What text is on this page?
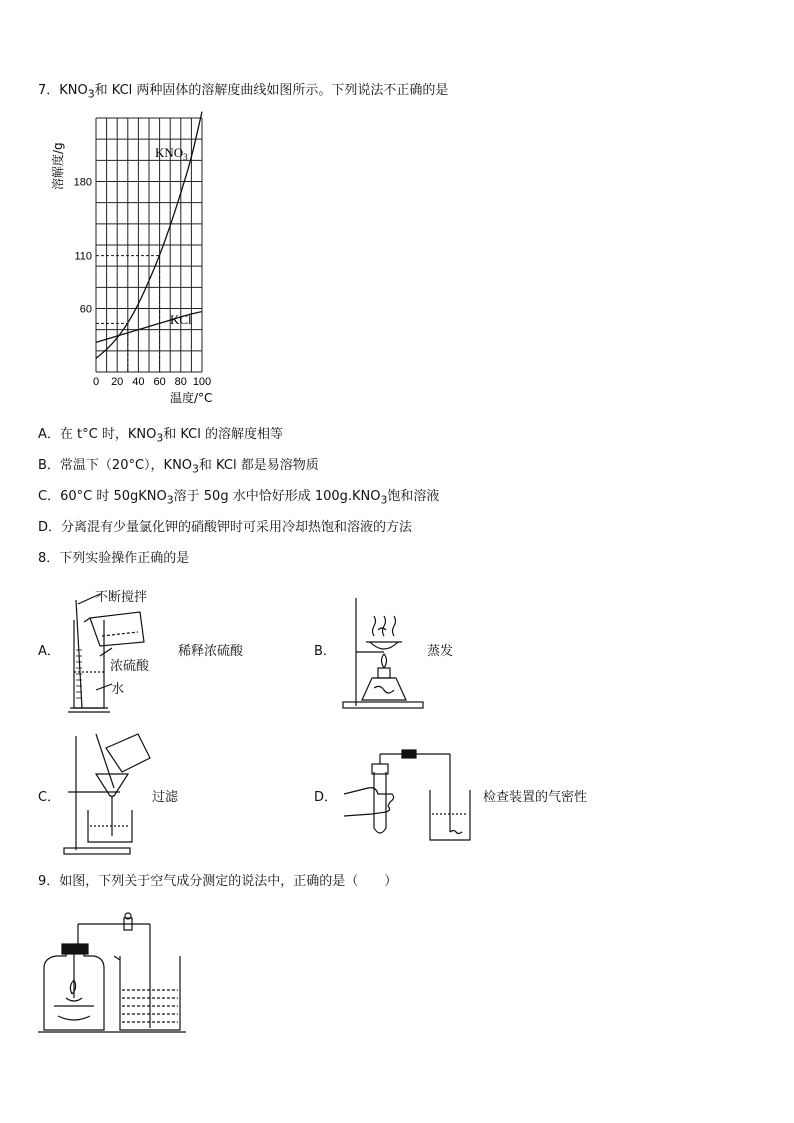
7．$KNO_3$和 KCl 两种固体的溶解度曲线如图所示。下列说法不正确的是
0 20 40 60 80 100
60
110
180
溶解度/g
温度/°C
$KNO_3$
KCl
A．在 t°C 时，$KNO_3$和 KCl 的溶解度相等
B．常温下（20°C），$KNO_3$和 KCl 都是易溶物质
C．60°C 时 50gKNO$_3$溶于 50g 水中恰好形成 $100g.KNO_3$饱和溶液
D．分离混有少量氯化钾的硝酸钾时可采用冷却热饱和溶液的方法
8．下列实验操作正确的是
A．
不断搅拌
浓硫酸
水
稀释浓硫酸	B．	蒸发
C．	过滤	D．	检查装置的气密性
9．如图，下列关于空气成分测定的说法中，正确的是（　　）
